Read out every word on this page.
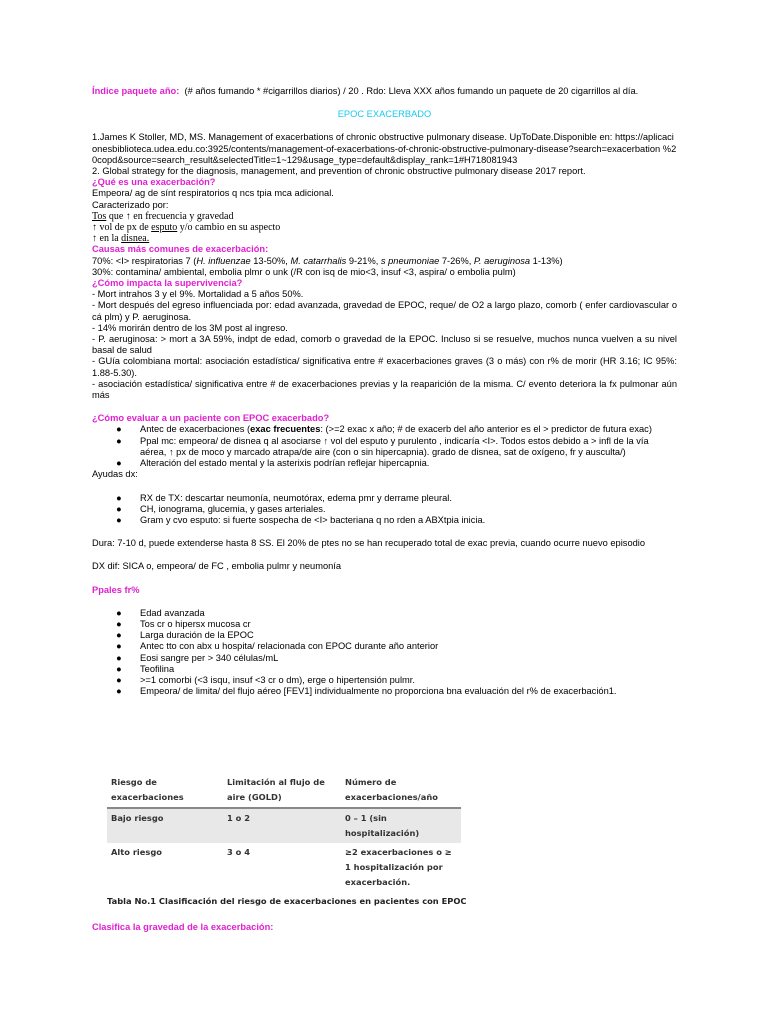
Índice paquete año: (# años fumando * #cigarrillos diarios) / 20 . Rdo: Lleva XXX años fumando un paquete de 20 cigarrillos al día.

EPOC EXACERBADO

1.James K Stoller, MD, MS. Management of exacerbations of chronic obstructive pulmonary disease. UpToDate.Disponible en: https://aplicacionesbiblioteca.udea.edu.co:3925/contents/management-of-exacerbations-of-chronic-obstructive-pulmonary-disease?search=exacerbation %20copd&source=search_result&selectedTitle=1~129&usage_type=default&display_rank=1#H718081943

2. Global strategy for the diagnosis, management, and prevention of chronic obstructive pulmonary disease 2017 report.

¿Qué es una exacerbación?

Empeora/ ag de sínt respiratorios q ncs tpia mca adicional.

Caracterizado por:

Tos que ↑ en frecuencia y gravedad

↑ vol de px de esputo y/o cambio en su aspecto

↑ en la disnea.

Causas más comunes de exacerbación:

70%: <I> respiratorias 7 (H. influenzae 13-50%, M. catarrhalis 9-21%, s pneumoniae 7-26%, P. aeruginosa 1-13%)

30%: contamina/ ambiental, embolia plmr o unk (/R con isq de mio<3, insuf <3, aspira/ o embolia pulm)

¿Cómo impacta la supervivencia?

- Mort intrahos 3 y el 9%. Mortalidad a 5 años 50%.

- Mort después del egreso influenciada por: edad avanzada, gravedad de EPOC, reque/ de O2 a largo plazo, comorb ( enfer cardiovascular o cá plm) y P. aeruginosa.

- 14% morirán dentro de los 3M post al ingreso.

- P. aeruginosa: > mort a 3A 59%, indpt de edad, comorb o gravedad de la EPOC. Incluso si se resuelve, muchos nunca vuelven a su nivel basal de salud

- GUía colombiana mortal: asociación estadística/ significativa entre # exacerbaciones graves (3 o más) con r% de morir (HR 3.16; IC 95%: 1.88-5.30).

- asociación estadística/ significativa entre # de exacerbaciones previas y la reaparición de la misma. C/ evento deteriora la fx pulmonar aún más

¿Cómo evaluar a un paciente con EPOC exacerbado?

● Antec de exacerbaciones (exac frecuentes: (>=2 exac x año; # de exacerb del año anterior es el > predictor de futura exac)
● Ppal mc: empeora/ de disnea q al asociarse ↑ vol del esputo y purulento , indicaría <I>. Todos estos debido a > infl de la vía aérea, ↑ px de moco y marcado atrapa/de aire (con o sin hipercapnia). grado de disnea, sat de oxígeno, fr y ausculta/)
● Alteración del estado mental y la asterixis podrían reflejar hipercapnia.

Ayudas dx:

● RX de TX: descartar neumonía, neumotórax, edema pmr y derrame pleural.
● CH, ionograma, glucemia, y gases arteriales.
● Gram y cvo esputo: si fuerte sospecha de <I> bacteriana q no rden a ABXtpia inicia.

Dura: 7-10 d, puede extenderse hasta 8 SS. El 20% de ptes no se han recuperado total de exac previa, cuando ocurre nuevo episodio

DX dif: SICA o, empeora/ de FC , embolia pulmr y neumonía

Ppales fr%

● Edad avanzada
● Tos cr o hipersx mucosa cr
● Larga duración de la EPOC
● Antec tto con abx u hospita/ relacionada con EPOC durante año anterior
● Eosi sangre per > 340 células/mL
● Teofilina
● >=1 comorbi (<3 isqu, insuf <3 cr o dm), erge o hipertensión pulmr.
● Empeora/ de limita/ del flujo aéreo [FEV1] individualmente no proporciona bna evaluación del r% de exacerbación1.
Riesgo de exacerbaciones	Limitación al flujo de aire (GOLD)	Número de exacerbaciones/año
Bajo riesgo	1 o 2	0 – 1 (sin hospitalización)
Alto riesgo	3 o 4	≥2 exacerbaciones o ≥ 1 hospitalización por exacerbación.
Tabla No.1 Clasificación del riesgo de exacerbaciones en pacientes con EPOC

Clasifica la gravedad de la exacerbación:
